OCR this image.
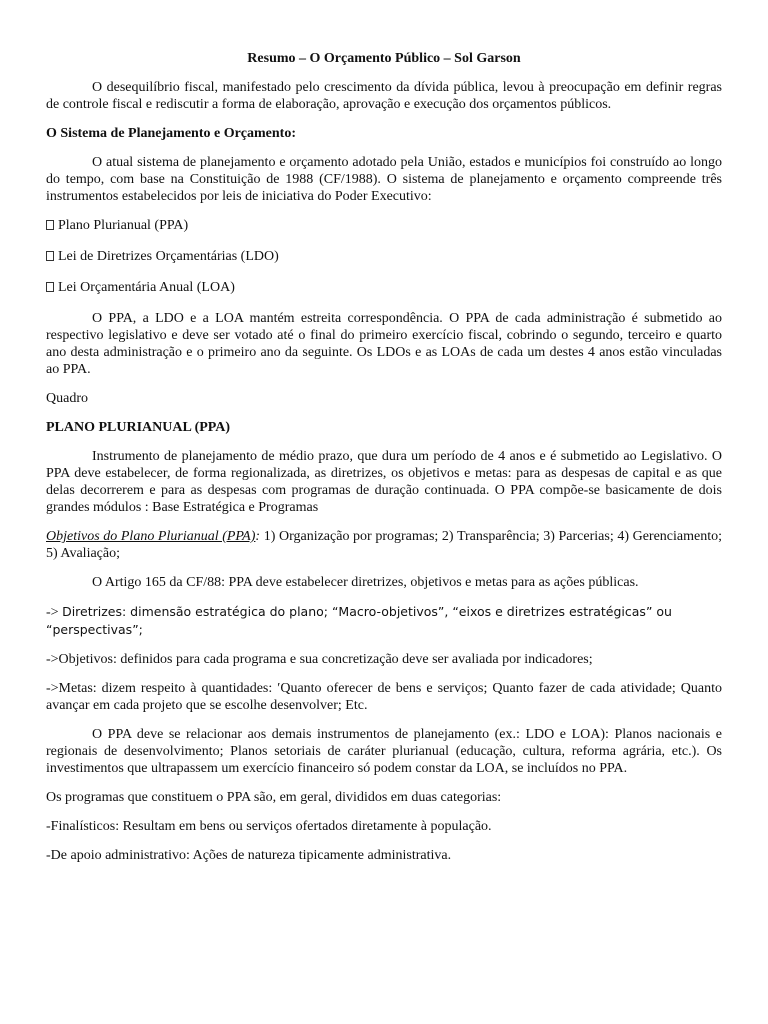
Resumo – O Orçamento Público – Sol Garson

O desequilíbrio fiscal, manifestado pelo crescimento da dívida pública, levou à preocupação em definir regras de controle fiscal e rediscutir a forma de elaboração, aprovação e execução dos orçamentos públicos.

O Sistema de Planejamento e Orçamento:

O atual sistema de planejamento e orçamento adotado pela União, estados e municípios foi construído ao longo do tempo, com base na Constituição de 1988 (CF/1988). O sistema de planejamento e orçamento compreende três instrumentos estabelecidos por leis de iniciativa do Poder Executivo:

Plano Plurianual (PPA)

Lei de Diretrizes Orçamentárias (LDO)

Lei Orçamentária Anual (LOA)

O PPA, a LDO e a LOA mantém estreita correspondência. O PPA de cada administração é submetido ao respectivo legislativo e deve ser votado até o final do primeiro exercício fiscal, cobrindo o segundo, terceiro e quarto ano desta administração e o primeiro ano da seguinte. Os LDOs e as LOAs de cada um destes 4 anos estão vinculadas ao PPA.

Quadro

PLANO PLURIANUAL (PPA)

Instrumento de planejamento de médio prazo, que dura um período de 4 anos e é submetido ao Legislativo. O PPA deve estabelecer, de forma regionalizada, as diretrizes, os objetivos e metas: para as despesas de capital e as que delas decorrerem e para as despesas com programas de duração continuada. O PPA compõe-se basicamente de dois grandes módulos : Base Estratégica e Programas

Objetivos do Plano Plurianual (PPA): 1) Organização por programas; 2) Transparência; 3) Parcerias; 4) Gerenciamento; 5) Avaliação;

O Artigo 165 da CF/88: PPA deve estabelecer diretrizes, objetivos e metas para as ações públicas.

-> Diretrizes: dimensão estratégica do plano; “Macro-objetivos”, “eixos e diretrizes estratégicas” ou “perspectivas”;

->Objetivos: definidos para cada programa e sua concretização deve ser avaliada por indicadores;

->Metas: dizem respeito à quantidades: ′Quanto oferecer de bens e serviços; Quanto fazer de cada atividade; Quanto avançar em cada projeto que se escolhe desenvolver; Etc.

O PPA deve se relacionar aos demais instrumentos de planejamento (ex.: LDO e LOA): Planos nacionais e regionais de desenvolvimento; Planos setoriais de caráter plurianual (educação, cultura, reforma agrária, etc.). Os investimentos que ultrapassem um exercício financeiro só podem constar da LOA, se incluídos no PPA.

Os programas que constituem o PPA são, em geral, divididos em duas categorias:

-Finalísticos: Resultam em bens ou serviços ofertados diretamente à população.

-De apoio administrativo: Ações de natureza tipicamente administrativa.
